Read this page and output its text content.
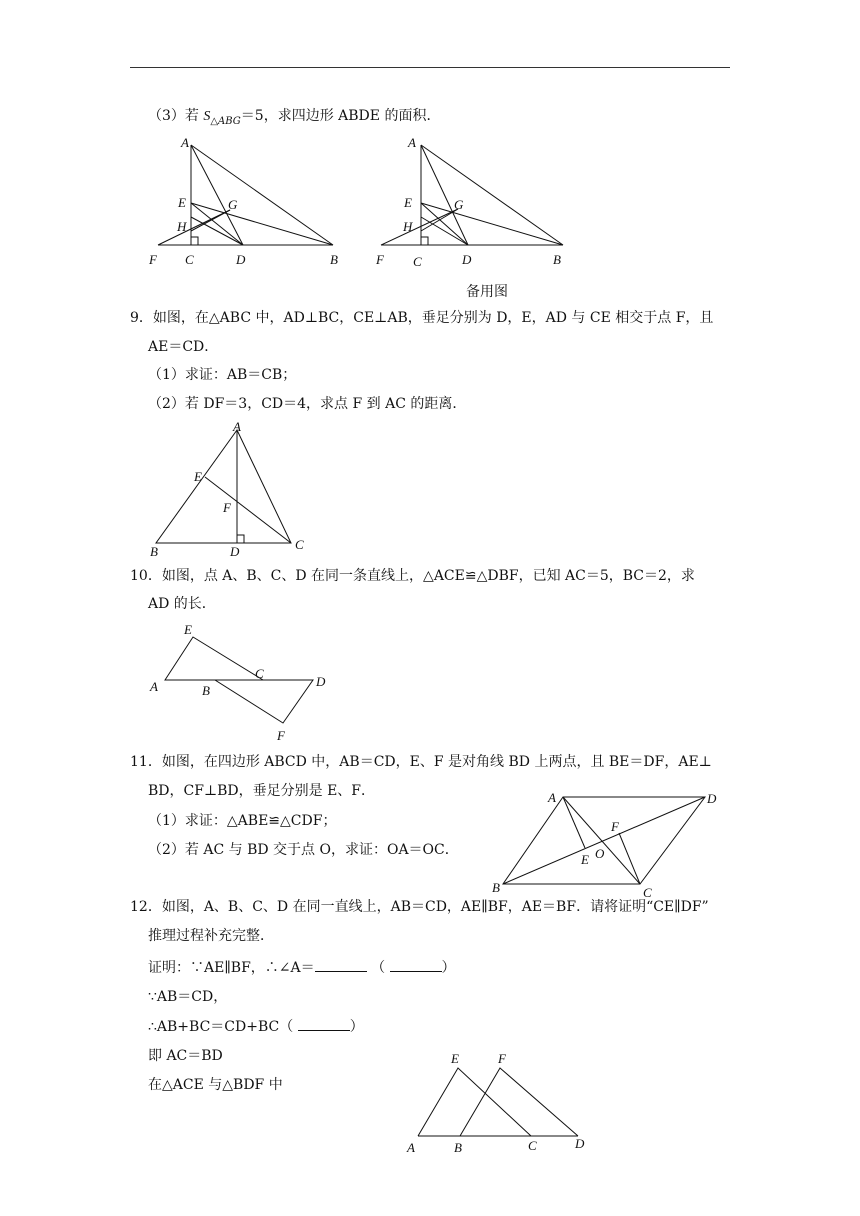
（3）若 $S_{\triangle ABG}=5$，求四边形 ABDE 的面积．
A
E	G
H
F C	D	B
A
E	G
H
F C	D	B
备用图
9．如图，在△ABC 中，AD⊥BC，CE⊥AB，垂足分别为 D，E，AD 与 CE 相交于点 F，且
AE＝CD．
（1）求证：AB＝CB；
（2）若 DF＝3，CD＝4，求点 F 到 AC 的距离．
A
E
F
B	D	C
10．如图，点 A、B、C、D 在同一条直线上，△ACE≌△DBF，已知 AC＝5，BC＝2，求
AD 的长．
E
C
A	B
D
F
11．如图，在四边形 ABCD 中，AB＝CD，E、F 是对角线 BD 上两点，且 BE＝DF，AE⊥
BD，CF⊥BD，垂足分别是 E、F．
（1）求证：△ABE≌△CDF；
（2）若 AC 与 BD 交于点 O，求证：OA＝OC．
A	D
F
O
E
B	C
12．如图，A、B、C、D 在同一直线上，AB＝CD，AE∥BF，AE＝BF．请将证明“CE∥DF”
推理过程补充完整．
证明：∵AE∥BF，∴∠A＝	（	）
∵AB＝CD，
∴AB+BC＝CD+BC（	）
即 AC＝BD
在△ACE 与△BDF 中
E	F
A	B	C	D
